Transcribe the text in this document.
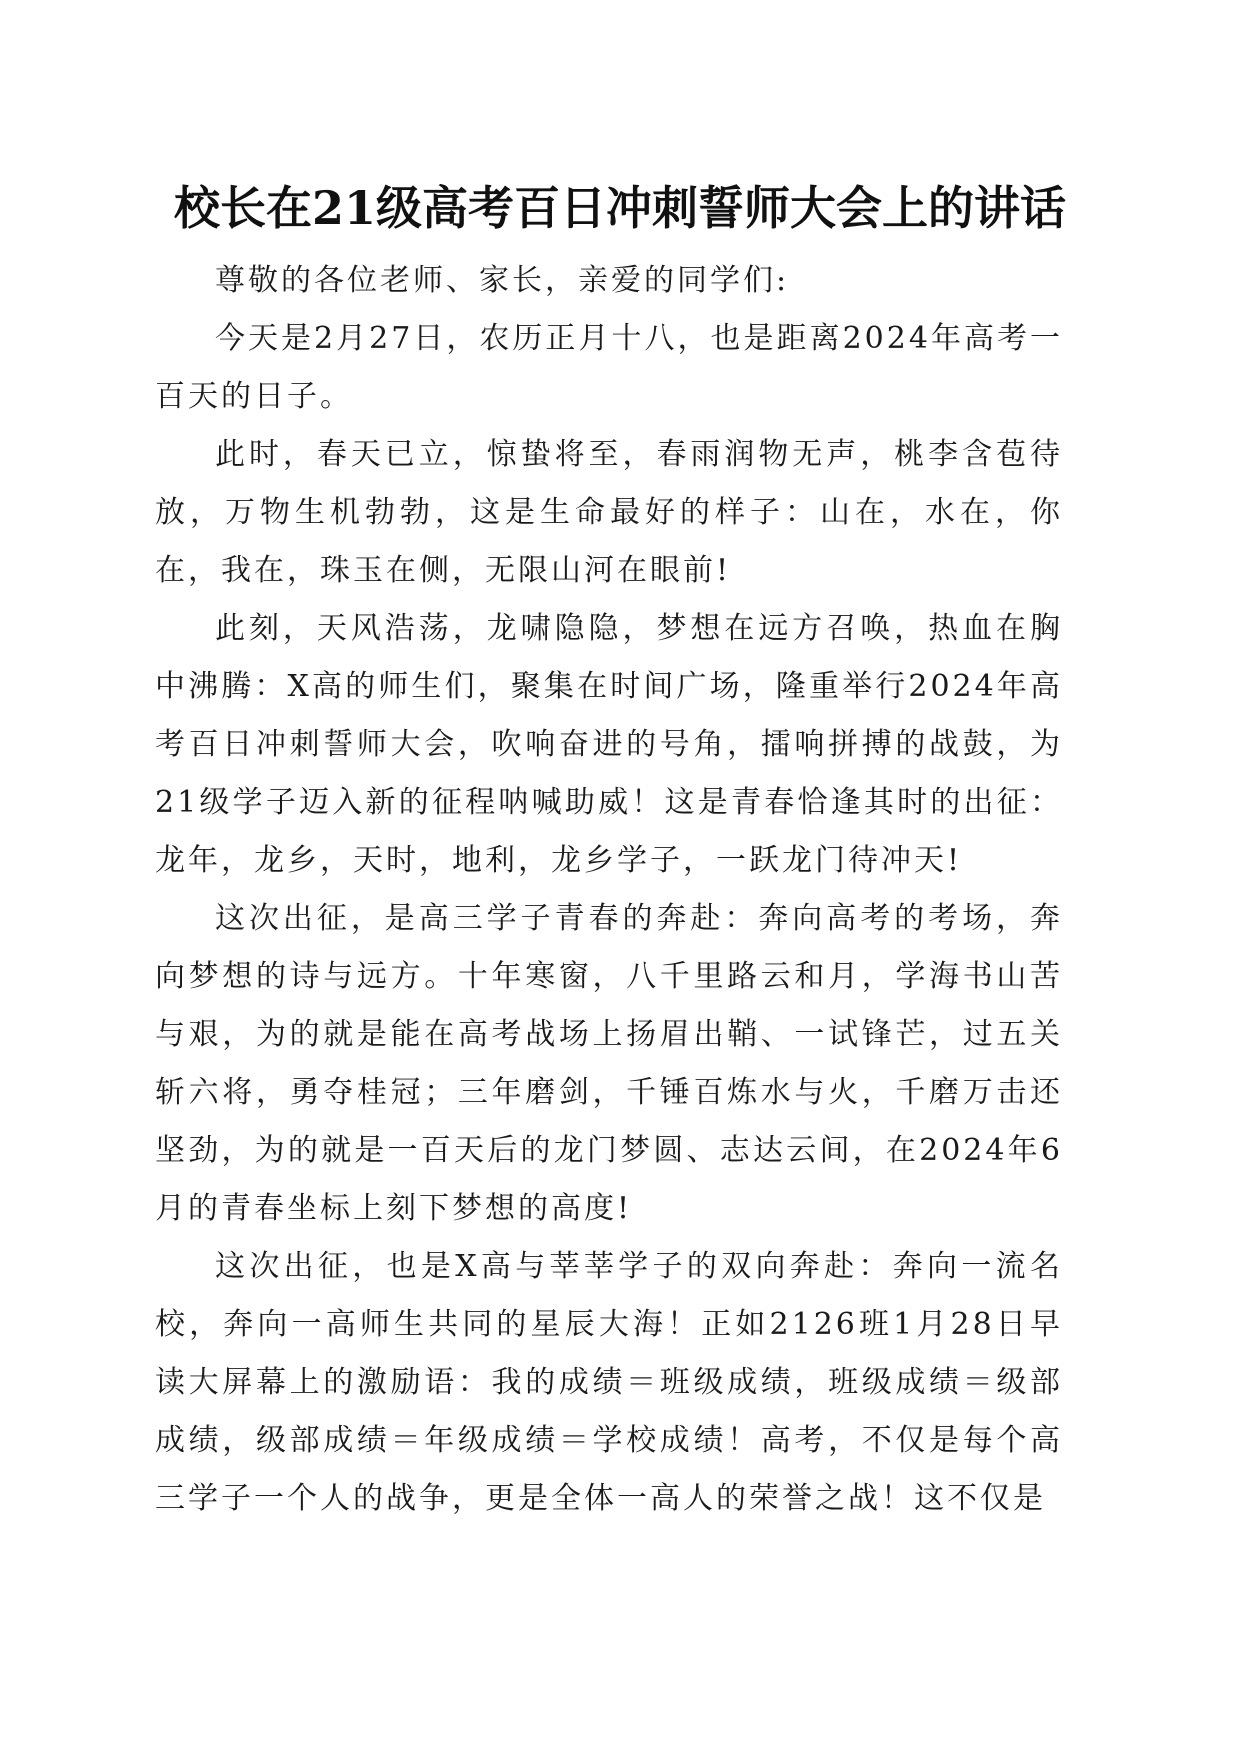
校长在21级高考百日冲刺誓师大会上的讲话

尊敬的各位老师、家长，亲爱的同学们:

今天是2月27日，农历正月十八，也是距离2024年高考一百天的日子。

此时，春天已立，惊蛰将至，春雨润物无声，桃李含苞待放，万物生机勃勃，这是生命最好的样子：山在，水在，你在，我在，珠玉在侧，无限山河在眼前!

此刻，天风浩荡，龙啸隐隐，梦想在远方召唤，热血在胸中沸腾：X高的师生们，聚集在时间广场，隆重举行2024年高考百日冲刺誓师大会，吹响奋进的号角，擂响拼搏的战鼓，为21级学子迈入新的征程呐喊助威！这是青春恰逢其时的出征：龙年，龙乡，天时，地利，龙乡学子，一跃龙门待冲天!

这次出征，是高三学子青春的奔赴：奔向高考的考场，奔向梦想的诗与远方。十年寒窗，八千里路云和月，学海书山苦与艰，为的就是能在高考战场上扬眉出鞘、一试锋芒，过五关斩六将，勇夺桂冠；三年磨剑，千锤百炼水与火，千磨万击还坚劲，为的就是一百天后的龙门梦圆、志达云间，在2024年6月的青春坐标上刻下梦想的高度!

这次出征，也是X高与莘莘学子的双向奔赴：奔向一流名校，奔向一高师生共同的星辰大海！正如2126班1月28日早读大屏幕上的激励语：我的成绩＝班级成绩，班级成绩＝级部成绩，级部成绩＝年级成绩＝学校成绩！高考，不仅是每个高三学子一个人的战争，更是全体一高人的荣誉之战！这不仅是
